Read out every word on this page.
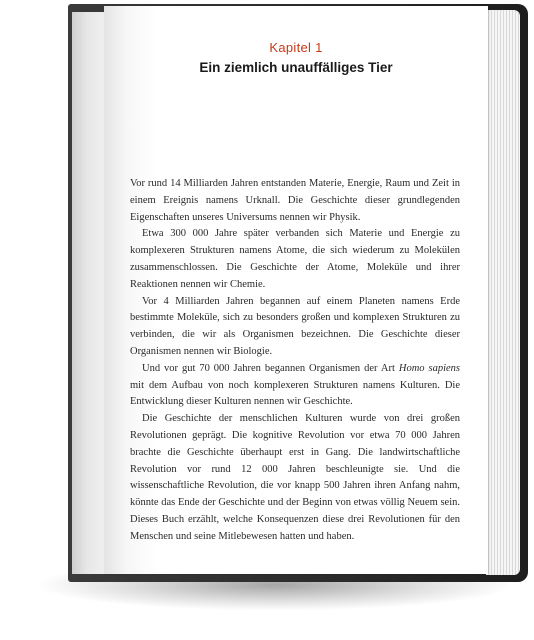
Kapitel 1
Ein ziemlich unauffälliges Tier

Vor rund 14 Milliarden Jahren entstanden Materie, Energie, Raum und Zeit in einem Ereignis namens Urknall. Die Geschichte dieser grundlegenden Eigenschaften unseres Universums nennen wir Physik.

Etwa 300 000 Jahre später verbanden sich Materie und Energie zu komplexeren Strukturen namens Atome, die sich wiederum zu Molekülen zusammenschlossen. Die Geschichte der Atome, Moleküle und ihrer Reaktionen nennen wir Chemie.

Vor 4 Milliarden Jahren begannen auf einem Planeten namens Erde bestimmte Moleküle, sich zu besonders großen und komplexen Strukturen zu verbinden, die wir als Organismen bezeichnen. Die Geschichte dieser Organismen nennen wir Biologie.

Und vor gut 70 000 Jahren begannen Organismen der Art Homo sapiens mit dem Aufbau von noch komplexeren Strukturen namens Kulturen. Die Entwicklung dieser Kulturen nennen wir Geschichte.

Die Geschichte der menschlichen Kulturen wurde von drei großen Revolutionen geprägt. Die kognitive Revolution vor etwa 70 000 Jahren brachte die Geschichte überhaupt erst in Gang. Die landwirtschaftliche Revolution vor rund 12 000 Jahren beschleunigte sie. Und die wissenschaftliche Revolution, die vor knapp 500 Jahren ihren Anfang nahm, könnte das Ende der Geschichte und der Beginn von etwas völlig Neuem sein. Dieses Buch erzählt, welche Konsequenzen diese drei Revolutionen für den Menschen und seine Mitlebewesen hatten und haben.
